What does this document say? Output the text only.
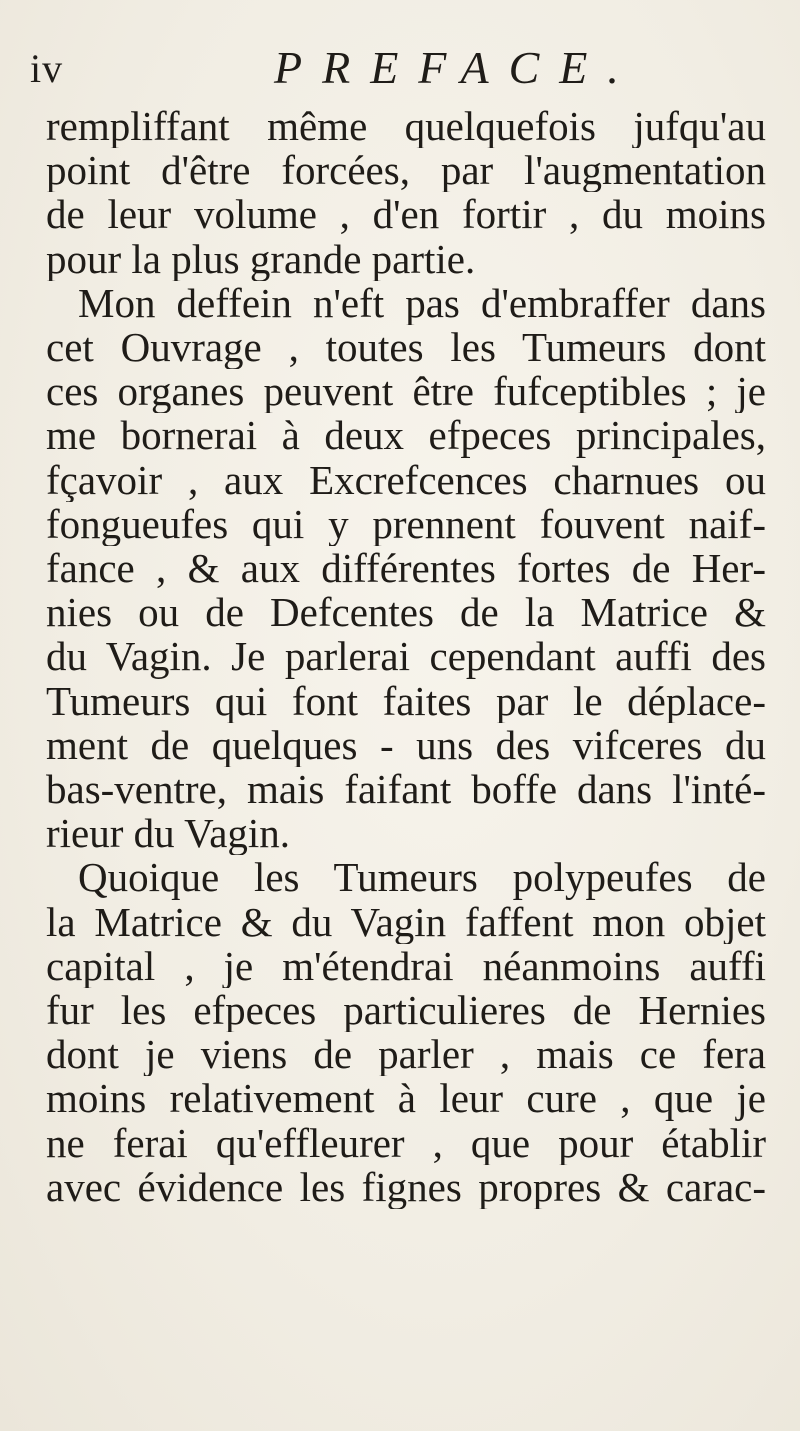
iv	PREFACE.
rempliffant même quelquefois jufqu'au
point d'être forcées, par l'augmentation
de leur volume , d'en fortir , du moins
pour la plus grande partie.
Mon deffein n'eft pas d'embraffer dans
cet Ouvrage , toutes les Tumeurs dont
ces organes peuvent être fufceptibles ; je
me bornerai à deux efpeces principales,
fçavoir , aux Excrefcences charnues ou
fongueufes qui y prennent fouvent naif-
fance , & aux différentes fortes de Her-
nies ou de Defcentes de la Matrice &
du Vagin. Je parlerai cependant auffi des
Tumeurs qui font faites par le déplace-
ment de quelques - uns des vifceres du
bas-ventre, mais faifant boffe dans l'inté-
rieur du Vagin.
Quoique les Tumeurs polypeufes de
la Matrice & du Vagin faffent mon objet
capital , je m'étendrai néanmoins auffi
fur les efpeces particulieres de Hernies
dont je viens de parler , mais ce fera
moins relativement à leur cure , que je
ne ferai qu'effleurer , que pour établir
avec évidence les fignes propres & carac-
